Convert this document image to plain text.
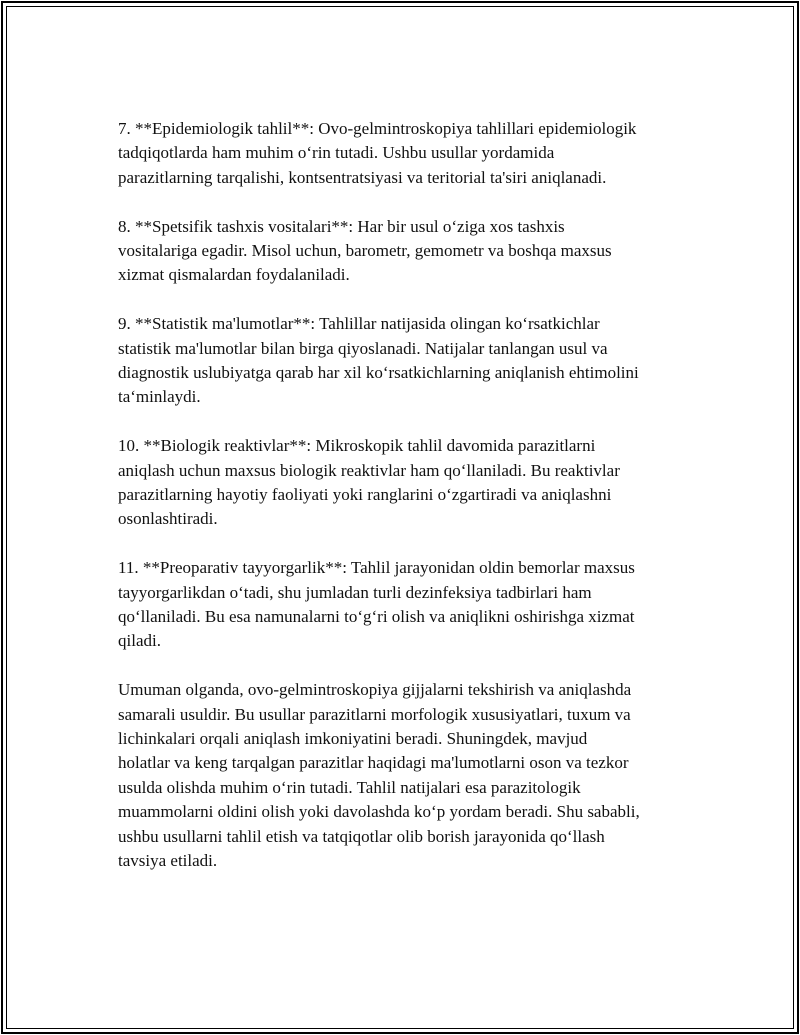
7. **Epidemiologik tahlil**: Ovo-gelmintroskopiya tahlillari epidemiologik
tadqiqotlarda ham muhim o‘rin tutadi. Ushbu usullar yordamida
parazitlarning tarqalishi, kontsentratsiyasi va teritorial ta'siri aniqlanadi.

8. **Spetsifik tashxis vositalari**: Har bir usul o‘ziga xos tashxis
vositalariga egadir. Misol uchun, barometr, gemometr va boshqa maxsus
xizmat qismalardan foydalaniladi.

9. **Statistik ma'lumotlar**: Tahlillar natijasida olingan ko‘rsatkichlar
statistik ma'lumotlar bilan birga qiyoslanadi. Natijalar tanlangan usul va
diagnostik uslubiyatga qarab har xil ko‘rsatkichlarning aniqlanish ehtimolini
ta‘minlaydi.

10. **Biologik reaktivlar**: Mikroskopik tahlil davomida parazitlarni
aniqlash uchun maxsus biologik reaktivlar ham qo‘llaniladi. Bu reaktivlar
parazitlarning hayotiy faoliyati yoki ranglarini o‘zgartiradi va aniqlashni
osonlashtiradi.

11. **Preoparativ tayyorgarlik**: Tahlil jarayonidan oldin bemorlar maxsus
tayyorgarlikdan o‘tadi, shu jumladan turli dezinfeksiya tadbirlari ham
qo‘llaniladi. Bu esa namunalarni to‘g‘ri olish va aniqlikni oshirishga xizmat
qiladi.

Umuman olganda, ovo-gelmintroskopiya gijjalarni tekshirish va aniqlashda
samarali usuldir. Bu usullar parazitlarni morfologik xususiyatlari, tuxum va
lichinkalari orqali aniqlash imkoniyatini beradi. Shuningdek, mavjud
holatlar va keng tarqalgan parazitlar haqidagi ma'lumotlarni oson va tezkor
usulda olishda muhim o‘rin tutadi. Tahlil natijalari esa parazitologik
muammolarni oldini olish yoki davolashda ko‘p yordam beradi. Shu sababli,
ushbu usullarni tahlil etish va tatqiqotlar olib borish jarayonida qo‘llash
tavsiya etiladi.
